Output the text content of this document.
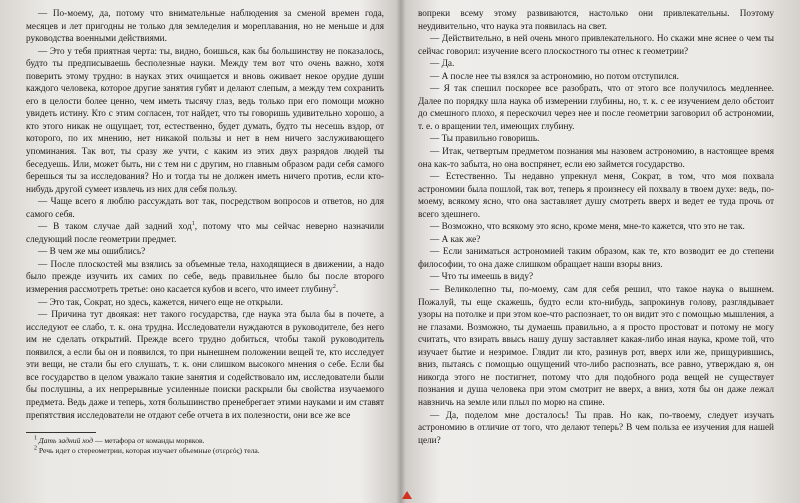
— По-моему, да, потому что внимательные наблюдения за сменой времен года, месяцев и лет пригодны не только для земледелия и мореплавания, но не меньше и для руководства военными действиями.

— Это у тебя приятная черта: ты, видно, боишься, как бы большинству не показалось, будто ты предписываешь бесполезные науки. Между тем вот что очень важно, хотя поверить этому трудно: в науках этих очищается и вновь оживает некое орудие души каждого человека, которое другие занятия губят и делают слепым, а между тем сохранить его в целости более ценно, чем иметь тысячу глаз, ведь только при его помощи можно увидеть истину. Кто с этим согласен, тот найдет, что ты говоришь удивительно хорошо, а кто этого никак не ощущает, тот, естественно, будет думать, будто ты несешь вздор, от которого, по их мнению, нет никакой пользы и нет в нем ничего заслуживающего упоминания. Так вот, ты сразу же учти, с каким из этих двух разрядов людей ты беседуешь. Или, может быть, ни с тем ни с другим, но главным образом ради себя самого берешься ты за исследования? Но и тогда ты не должен иметь ничего против, если кто-нибудь другой сумеет извлечь из них для себя пользу.

— Чаще всего я люблю рассуждать вот так, посредством вопросов и ответов, но для самого себя.

— В таком случае дай задний ход$^1$, потому что мы сейчас неверно назначили следующий после геометрии предмет.

— В чем же мы ошиблись?

— После плоскостей мы взялись за объемные тела, находящиеся в движении, а надо было прежде изучить их самих по себе, ведь правильнее было бы после второго измерения рассмотреть третье: оно касается кубов и всего, что имеет глубину$^2$.

— Это так, Сократ, но здесь, кажется, ничего еще не открыли.

— Причина тут двоякая: нет такого государства, где наука эта была бы в почете, а исследуют ее слабо, т. к. она трудна. Исследователи нуждаются в руководителе, без него им не сделать открытий. Прежде всего трудно добиться, чтобы такой руководитель появился, а если бы он и появился, то при нынешнем положении вещей те, кто исследует эти вещи, не стали бы его слушать, т. к. они слишком высокого мнения о себе. Если бы все государство в целом уважало такие занятия и содействовало им, исследователи были бы послушны, а их непрерывные усиленные поиски раскрыли бы свойства изучаемого предмета. Ведь даже и теперь, хотя большинство пренебрегает этими науками и им ставят препятствия исследователи не отдают себе отчета в их полезности, они все же все

$^1$ Дать задний ход — метафора от команды моряков.

$^2$ Речь идет о стереометрии, которая изучает объемные (στερεός) тела.

вопреки всему этому развиваются, настолько они привлекательны. Поэтому неудивительно, что наука эта появилась на свет.

— Действительно, в ней очень много привлекательного. Но скажи мне яснее о чем ты сейчас говорил: изучение всего плоскостного ты отнес к геометрии?

— Да.

— А после нее ты взялся за астрономию, но потом отступился.

— Я так спешил поскорее все разобрать, что от этого все получилось медленнее. Далее по порядку шла наука об измерении глубины, но, т. к. с ее изучением дело обстоит до смешного плохо, я перескочил через нее и после геометрии заговорил об астрономии, т. е. о вращении тел, имеющих глубину.

— Ты правильно говоришь.

— Итак, четвертым предметом познания мы назовем астрономию, в настоящее время она как-то забыта, но она воспрянет, если ею займется государство.

— Естественно. Ты недавно упрекнул меня, Сократ, в том, что моя похвала астрономии была пошлой, так вот, теперь я произнесу ей похвалу в твоем духе: ведь, по-моему, всякому ясно, что она заставляет душу смотреть вверх и ведет ее туда прочь от всего здешнего.

— Возможно, что всякому это ясно, кроме меня, мне-то кажется, что это не так.

— А как же?

— Если заниматься астрономией таким образом, как те, кто возводит ее до степени философии, то она даже слишком обращает наши взоры вниз.

— Что ты имеешь в виду?

— Великолепно ты, по-моему, сам для себя решил, что такое наука о вышнем. Пожалуй, ты еще скажешь, будто если кто-нибудь, запрокинув голову, разглядывает узоры на потолке и при этом кое-что распознает, то он видит это с помощью мышления, а не глазами. Возможно, ты думаешь правильно, а я просто простоват и потому не могу считать, что взирать ввысь нашу душу заставляет какая-либо иная наука, кроме той, что изучает бытие и незримое. Глядит ли кто, разинув рот, вверх или же, прищурившись, вниз, пытаясь с помощью ощущений что-либо распознать, все равно, утверждаю я, он никогда этого не постигнет, потому что для подобного рода вещей не существует познания и душа человека при этом смотрит не вверх, а вниз, хотя бы он даже лежал навзничь на земле или плыл по морю на спине.

— Да, поделом мне досталось! Ты прав. Но как, по-твоему, следует изучать астрономию в отличие от того, что делают теперь? В чем польза ее изучения для нашей цели?
